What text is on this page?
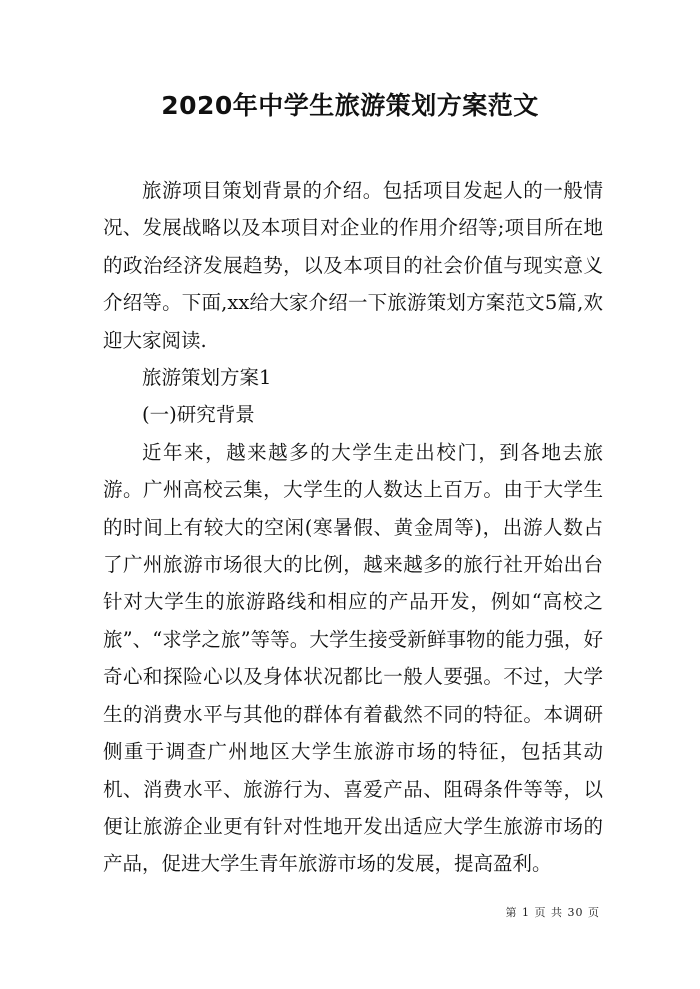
2020年中学生旅游策划方案范文

旅游项目策划背景的介绍。包括项目发起人的一般情况、发展战略以及本项目对企业的作用介绍等;项目所在地的政治经济发展趋势，以及本项目的社会价值与现实意义介绍等。下面,xx给大家介绍一下旅游策划方案范文5篇,欢迎大家阅读.

旅游策划方案1

(一)研究背景

近年来，越来越多的大学生走出校门，到各地去旅游。广州高校云集，大学生的人数达上百万。由于大学生的时间上有较大的空闲(寒暑假、黄金周等)，出游人数占了广州旅游市场很大的比例，越来越多的旅行社开始出台针对大学生的旅游路线和相应的产品开发，例如“高校之旅”、“求学之旅”等等。大学生接受新鲜事物的能力强，好奇心和探险心以及身体状况都比一般人要强。不过，大学生的消费水平与其他的群体有着截然不同的特征。本调研侧重于调查广州地区大学生旅游市场的特征，包括其动机、消费水平、旅游行为、喜爱产品、阻碍条件等等，以便让旅游企业更有针对性地开发出适应大学生旅游市场的产品，促进大学生青年旅游市场的发展，提高盈利。

第 1 页 共 30 页
